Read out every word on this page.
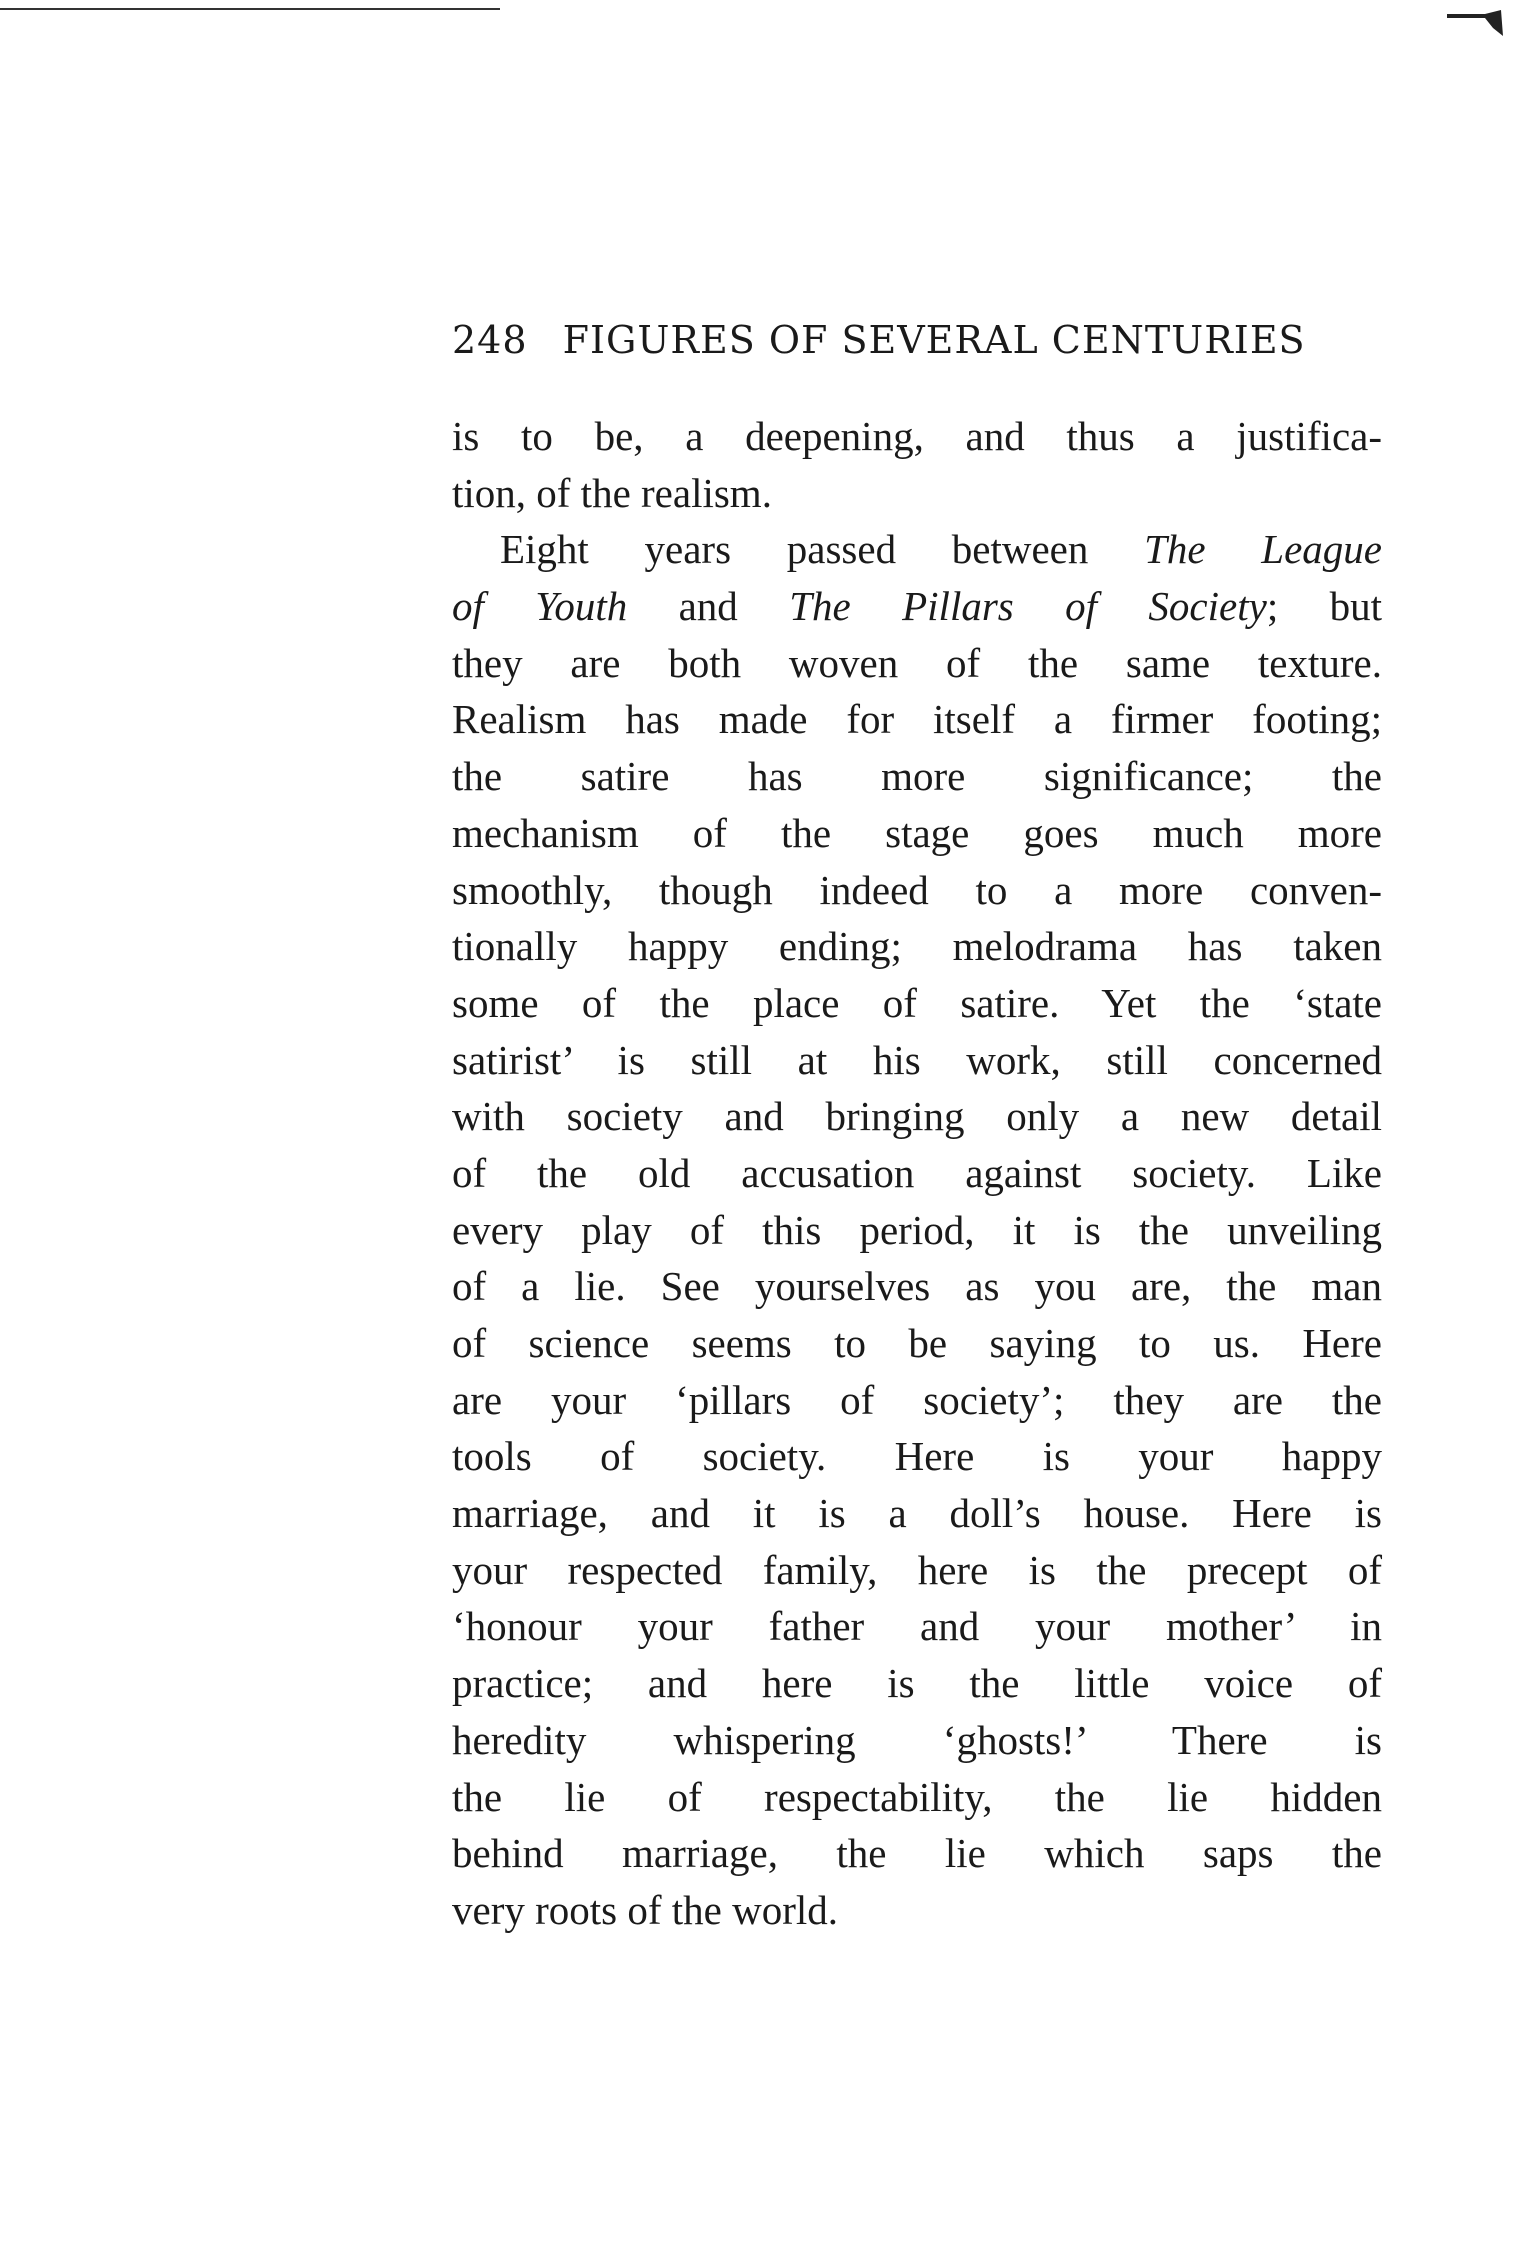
248 FIGURES OF SEVERAL CENTURIES
is to be, a deepening, and thus a justifica-
tion, of the realism.
Eight years passed between The League
of Youth and The Pillars of Society; but
they are both woven of the same texture.
Realism has made for itself a firmer footing;
the satire has more significance; the
mechanism of the stage goes much more
smoothly, though indeed to a more conven-
tionally happy ending; melodrama has taken
some of the place of satire. Yet the ‘state
satirist’ is still at his work, still concerned
with society and bringing only a new detail
of the old accusation against society. Like
every play of this period, it is the unveiling
of a lie. See yourselves as you are, the man
of science seems to be saying to us. Here
are your ‘pillars of society’; they are the
tools of society. Here is your happy
marriage, and it is a doll’s house. Here is
your respected family, here is the precept of
‘honour your father and your mother’ in
practice; and here is the little voice of
heredity whispering ‘ghosts!’ There is
the lie of respectability, the lie hidden
behind marriage, the lie which saps the
very roots of the world.
